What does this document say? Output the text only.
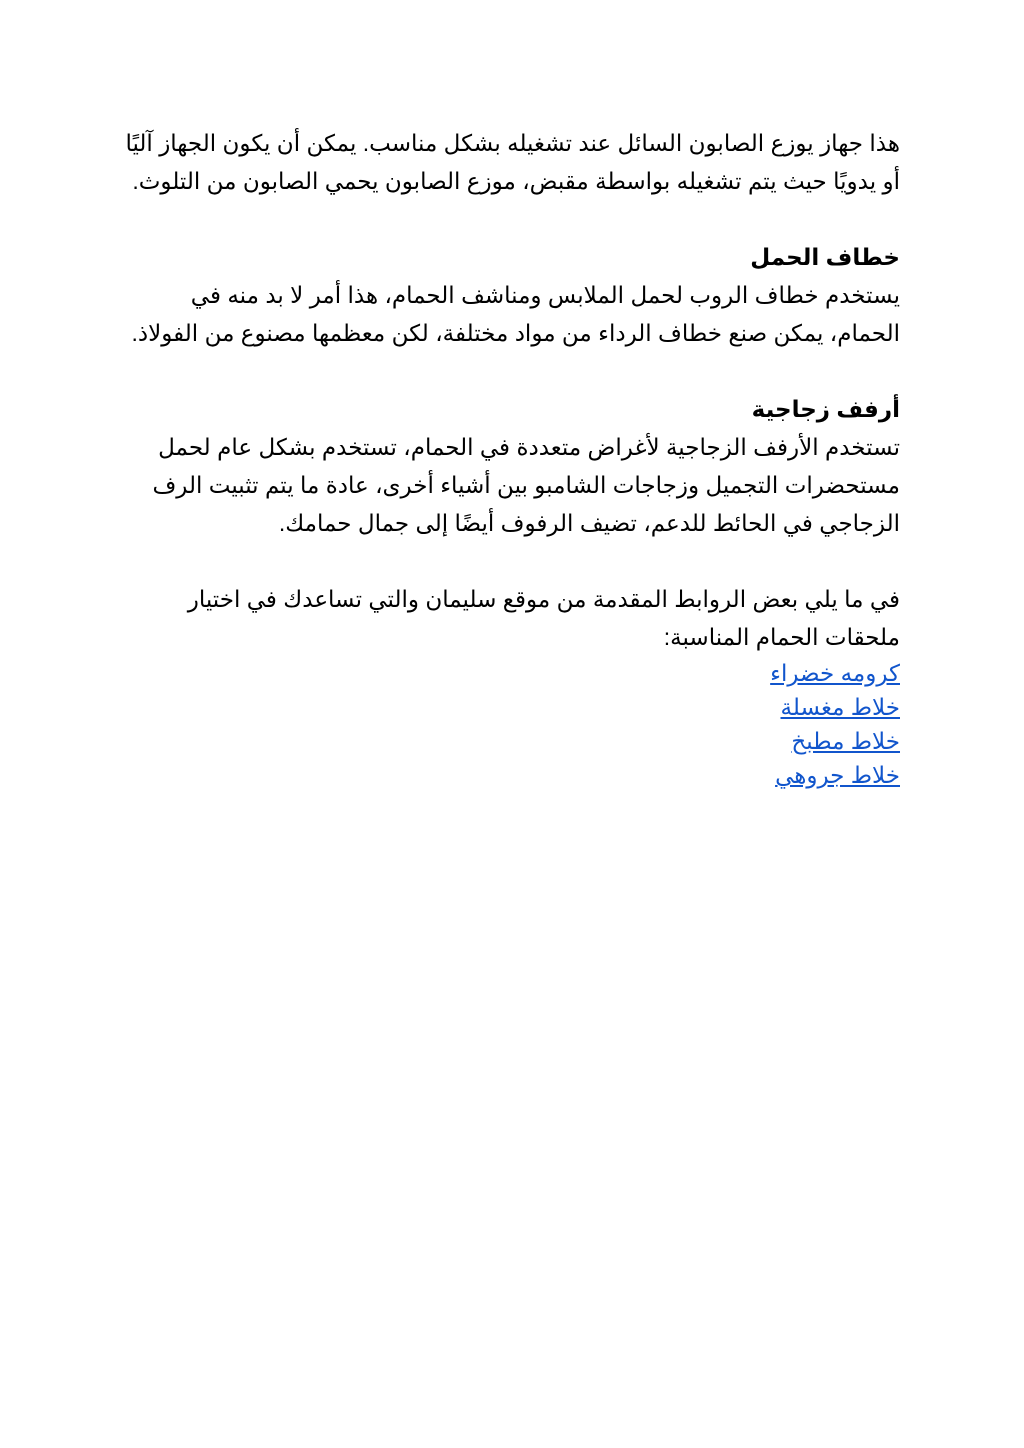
هذا جهاز يوزع الصابون السائل عند تشغيله بشكل مناسب. يمكن أن يكون الجهاز آليًا أو يدويًا حيث يتم تشغيله بواسطة مقبض، موزع الصابون يحمي الصابون من التلوث.

خطاف الحمل

يستخدم خطاف الروب لحمل الملابس ومناشف الحمام، هذا أمر لا بد منه في الحمام، يمكن صنع خطاف الرداء من مواد مختلفة، لكن معظمها مصنوع من الفولاذ.

أرفف زجاجية

تستخدم الأرفف الزجاجية لأغراض متعددة في الحمام، تستخدم بشكل عام لحمل مستحضرات التجميل وزجاجات الشامبو بين أشياء أخرى، عادة ما يتم تثبيت الرف الزجاجي في الحائط للدعم، تضيف الرفوف أيضًا إلى جمال حمامك.

في ما يلي بعض الروابط المقدمة من موقع سليمان والتي تساعدك في اختيار ملحقات الحمام المناسبة:

كرومه خضراء
خلاط مغسلة
خلاط مطبخ
خلاط جروهي
